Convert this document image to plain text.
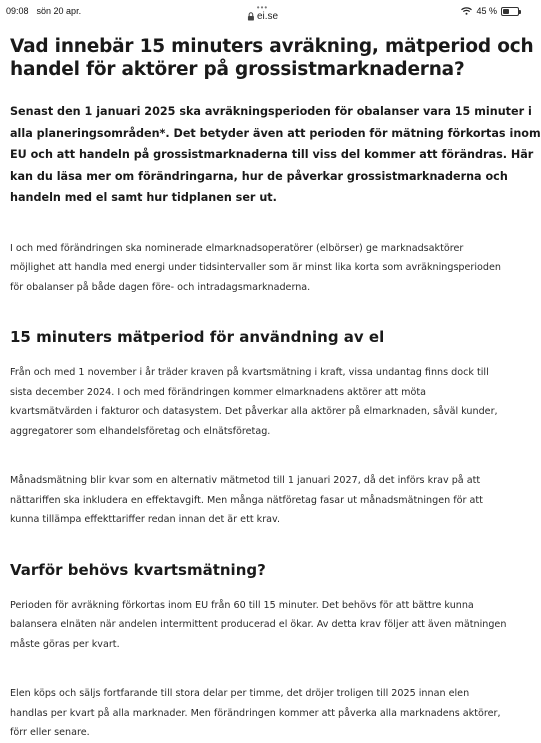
09:08 sön 20 apr.	•••
ei.se	45 %
Vad innebär 15 minuters avräkning, mätperiod och
handel för aktörer på grossistmarknaderna?

Senast den 1 januari 2025 ska avräkningsperioden för obalanser vara 15 minuter i
alla planeringsområden*. Det betyder även att perioden för mätning förkortas inom
EU och att handeln på grossistmarknaderna till viss del kommer att förändras. Här
kan du läsa mer om förändringarna, hur de påverkar grossistmarknaderna och
handeln med el samt hur tidplanen ser ut.

I och med förändringen ska nominerade elmarknadsoperatörer (elbörser) ge marknadsaktörer
möjlighet att handla med energi under tidsintervaller som är minst lika korta som avräkningsperioden
för obalanser på både dagen före- och intradagsmarknaderna.

15 minuters mätperiod för användning av el

Från och med 1 november i år träder kraven på kvartsmätning i kraft, vissa undantag finns dock till
sista december 2024. I och med förändringen kommer elmarknadens aktörer att möta
kvartsmätvärden i fakturor och datasystem. Det påverkar alla aktörer på elmarknaden, såväl kunder,
aggregatorer som elhandelsföretag och elnätsföretag.

Månadsmätning blir kvar som en alternativ mätmetod till 1 januari 2027, då det införs krav på att
nättariffen ska inkludera en effektavgift. Men många nätföretag fasar ut månadsmätningen för att
kunna tillämpa effekttariffer redan innan det är ett krav.

Varför behövs kvartsmätning?

Perioden för avräkning förkortas inom EU från 60 till 15 minuter. Det behövs för att bättre kunna
balansera elnäten när andelen intermittent producerad el ökar. Av detta krav följer att även mätningen
måste göras per kvart.

Elen köps och säljs fortfarande till stora delar per timme, det dröjer troligen till 2025 innan elen
handlas per kvart på alla marknader. Men förändringen kommer att påverka alla marknadens aktörer,
förr eller senare.
